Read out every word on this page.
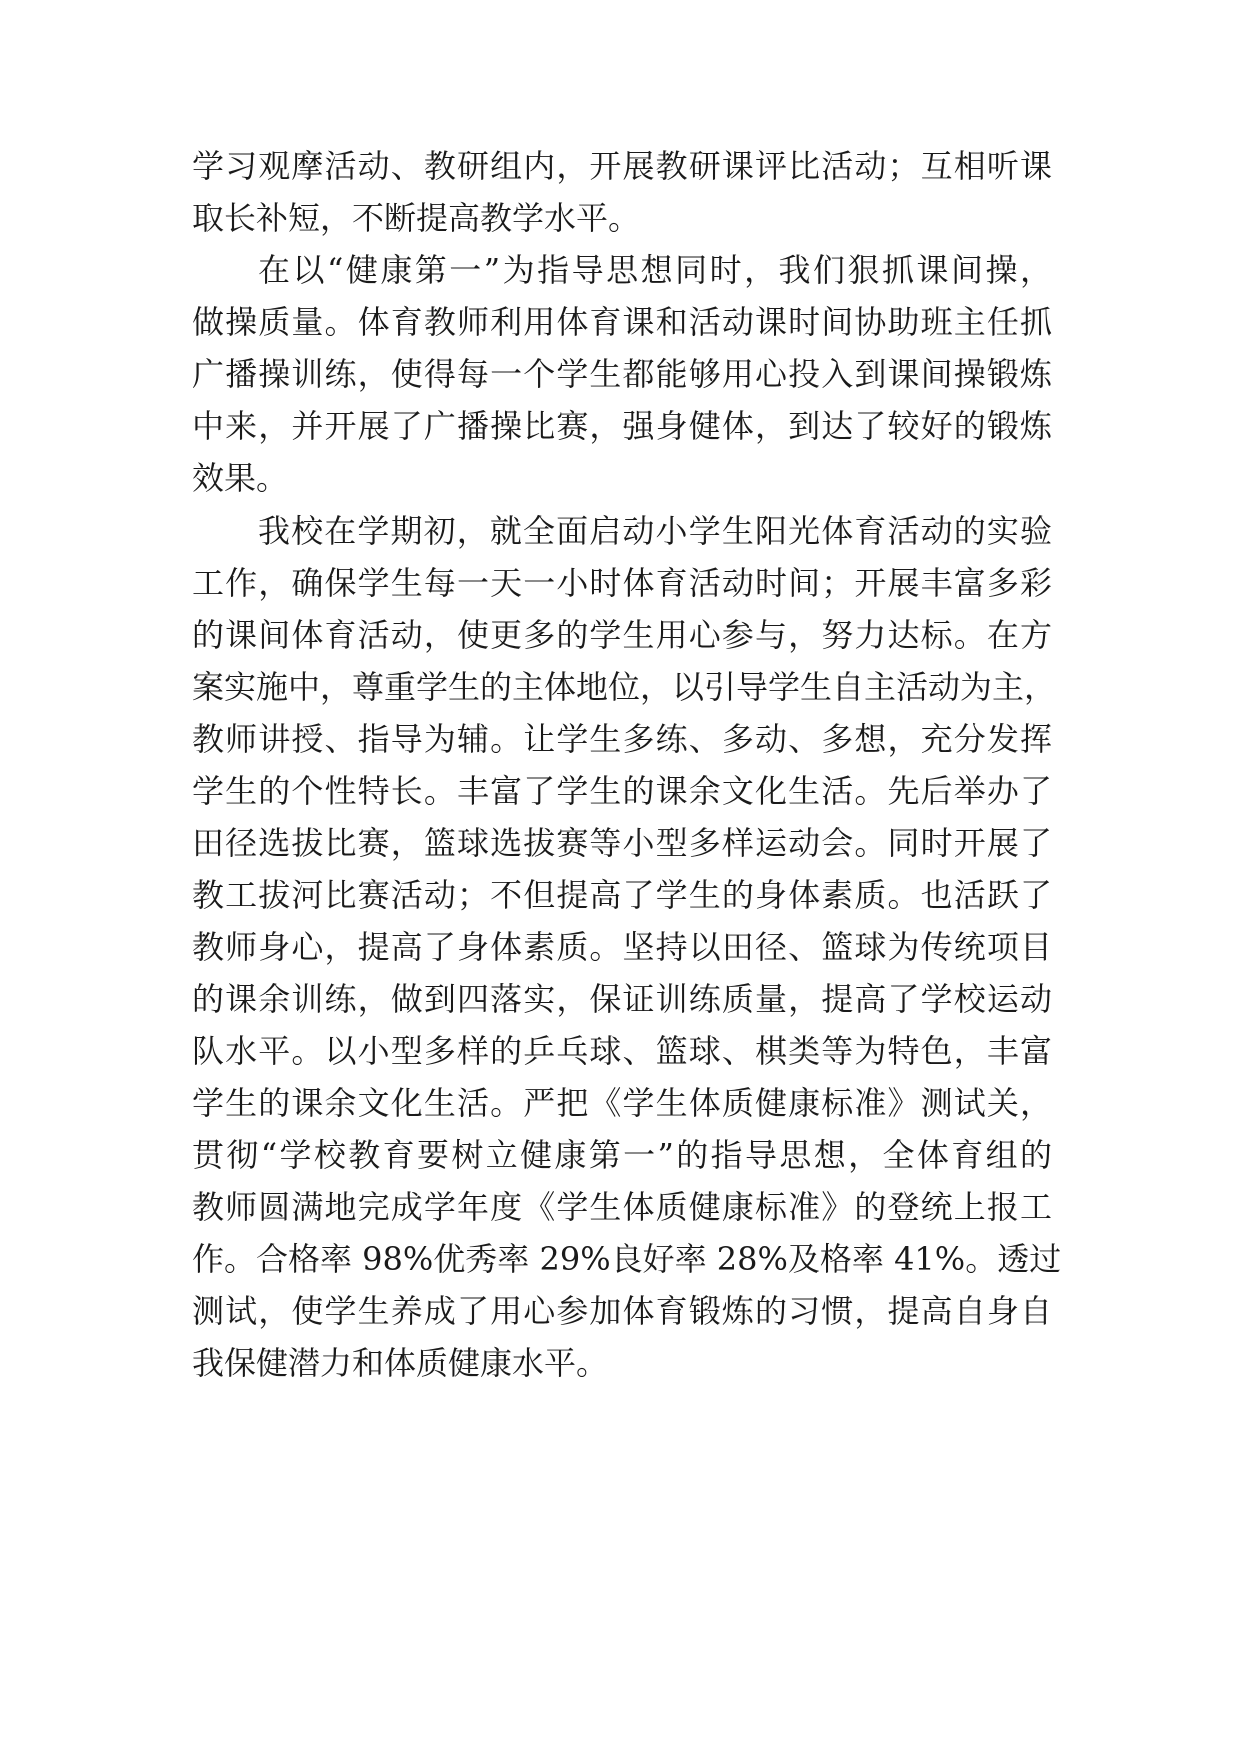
学习观摩活动、教研组内，开展教研课评比活动；互相听课
取长补短，不断提高教学水平。
在以“健康第一”为指导思想同时，我们狠抓课间操，
做操质量。体育教师利用体育课和活动课时间协助班主任抓
广播操训练，使得每一个学生都能够用心投入到课间操锻炼
中来，并开展了广播操比赛，强身健体，到达了较好的锻炼
效果。
我校在学期初，就全面启动小学生阳光体育活动的实验
工作，确保学生每一天一小时体育活动时间；开展丰富多彩
的课间体育活动，使更多的学生用心参与，努力达标。在方
案实施中，尊重学生的主体地位，以引导学生自主活动为主，
教师讲授、指导为辅。让学生多练、多动、多想，充分发挥
学生的个性特长。丰富了学生的课余文化生活。先后举办了
田径选拔比赛，篮球选拔赛等小型多样运动会。同时开展了
教工拔河比赛活动；不但提高了学生的身体素质。也活跃了
教师身心，提高了身体素质。坚持以田径、篮球为传统项目
的课余训练，做到四落实，保证训练质量，提高了学校运动
队水平。以小型多样的乒乓球、篮球、棋类等为特色，丰富
学生的课余文化生活。严把《学生体质健康标准》测试关，
贯彻“学校教育要树立健康第一”的指导思想，全体育组的
教师圆满地完成学年度《学生体质健康标准》的登统上报工
作。合格率 98%优秀率 29%良好率 28%及格率 41%。透过
测试，使学生养成了用心参加体育锻炼的习惯，提高自身自
我保健潜力和体质健康水平。
